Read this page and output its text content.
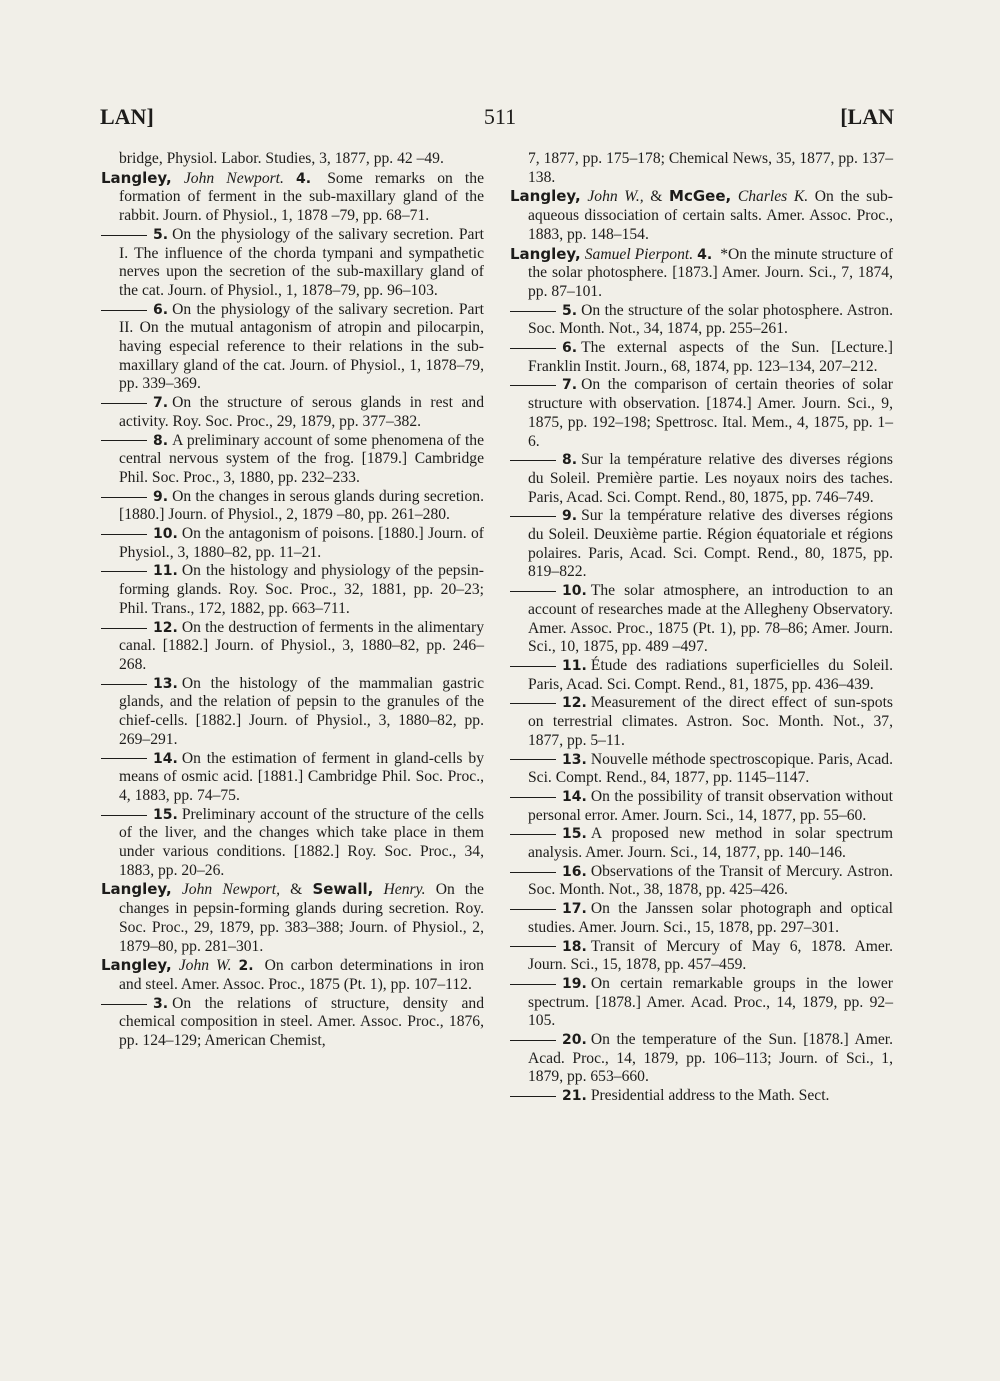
LAN]	511	[LAN

bridge, Physiol. Labor. Studies, 3, 1877, pp. 42 –49.

Langley, John Newport. 4. Some remarks on the formation of ferment in the sub-maxillary gland of the rabbit. Journ. of Physiol., 1, 1878 –79, pp. 68–71.

5. On the physiology of the salivary secretion. Part I. The influence of the chorda tympani and sympathetic nerves upon the secretion of the sub-maxillary gland of the cat. Journ. of Physiol., 1, 1878–79, pp. 96–103.

6. On the physiology of the salivary secretion. Part II. On the mutual antagonism of atropin and pilocarpin, having especial reference to their relations in the sub-maxillary gland of the cat. Journ. of Physiol., 1, 1878–79, pp. 339–369.

7. On the structure of serous glands in rest and activity. Roy. Soc. Proc., 29, 1879, pp. 377–382.

8. A preliminary account of some phenomena of the central nervous system of the frog. [1879.] Cambridge Phil. Soc. Proc., 3, 1880, pp. 232–233.

9. On the changes in serous glands during secretion. [1880.] Journ. of Physiol., 2, 1879 –80, pp. 261–280.

10. On the antagonism of poisons. [1880.] Journ. of Physiol., 3, 1880–82, pp. 11–21.

11. On the histology and physiology of the pepsin-forming glands. Roy. Soc. Proc., 32, 1881, pp. 20–23; Phil. Trans., 172, 1882, pp. 663–711.

12. On the destruction of ferments in the alimentary canal. [1882.] Journ. of Physiol., 3, 1880–82, pp. 246–268.

13. On the histology of the mammalian gastric glands, and the relation of pepsin to the granules of the chief-cells. [1882.] Journ. of Physiol., 3, 1880–82, pp. 269–291.

14. On the estimation of ferment in gland-cells by means of osmic acid. [1881.] Cambridge Phil. Soc. Proc., 4, 1883, pp. 74–75.

15. Preliminary account of the structure of the cells of the liver, and the changes which take place in them under various conditions. [1882.] Roy. Soc. Proc., 34, 1883, pp. 20–26.

Langley, John Newport, & Sewall, Henry. On the changes in pepsin-forming glands during secretion. Roy. Soc. Proc., 29, 1879, pp. 383–388; Journ. of Physiol., 2, 1879–80, pp. 281–301.

Langley, John W. 2. On carbon determinations in iron and steel. Amer. Assoc. Proc., 1875 (Pt. 1), pp. 107–112.

3. On the relations of structure, density and chemical composition in steel. Amer. Assoc. Proc., 1876, pp. 124–129; American Chemist,

7, 1877, pp. 175–178; Chemical News, 35, 1877, pp. 137–138.

Langley, John W., & McGee, Charles K. On the sub-aqueous dissociation of certain salts. Amer. Assoc. Proc., 1883, pp. 148–154.

Langley, Samuel Pierpont. 4. *On the minute structure of the solar photosphere. [1873.] Amer. Journ. Sci., 7, 1874, pp. 87–101.

5. On the structure of the solar photosphere. Astron. Soc. Month. Not., 34, 1874, pp. 255–261.

6. The external aspects of the Sun. [Lecture.] Franklin Instit. Journ., 68, 1874, pp. 123–134, 207–212.

7. On the comparison of certain theories of solar structure with observation. [1874.] Amer. Journ. Sci., 9, 1875, pp. 192–198; Spettrosc. Ital. Mem., 4, 1875, pp. 1–6.

8. Sur la température relative des diverses régions du Soleil. Première partie. Les noyaux noirs des taches. Paris, Acad. Sci. Compt. Rend., 80, 1875, pp. 746–749.

9. Sur la température relative des diverses régions du Soleil. Deuxième partie. Région équatoriale et régions polaires. Paris, Acad. Sci. Compt. Rend., 80, 1875, pp. 819–822.

10. The solar atmosphere, an introduction to an account of researches made at the Allegheny Observatory. Amer. Assoc. Proc., 1875 (Pt. 1), pp. 78–86; Amer. Journ. Sci., 10, 1875, pp. 489 –497.

11. Étude des radiations superficielles du Soleil. Paris, Acad. Sci. Compt. Rend., 81, 1875, pp. 436–439.

12. Measurement of the direct effect of sun-spots on terrestrial climates. Astron. Soc. Month. Not., 37, 1877, pp. 5–11.

13. Nouvelle méthode spectroscopique. Paris, Acad. Sci. Compt. Rend., 84, 1877, pp. 1145–1147.

14. On the possibility of transit observation without personal error. Amer. Journ. Sci., 14, 1877, pp. 55–60.

15. A proposed new method in solar spectrum analysis. Amer. Journ. Sci., 14, 1877, pp. 140–146.

16. Observations of the Transit of Mercury. Astron. Soc. Month. Not., 38, 1878, pp. 425–426.

17. On the Janssen solar photograph and optical studies. Amer. Journ. Sci., 15, 1878, pp. 297–301.

18. Transit of Mercury of May 6, 1878. Amer. Journ. Sci., 15, 1878, pp. 457–459.

19. On certain remarkable groups in the lower spectrum. [1878.] Amer. Acad. Proc., 14, 1879, pp. 92–105.

20. On the temperature of the Sun. [1878.] Amer. Acad. Proc., 14, 1879, pp. 106–113; Journ. of Sci., 1, 1879, pp. 653–660.

21. Presidential address to the Math. Sect.
